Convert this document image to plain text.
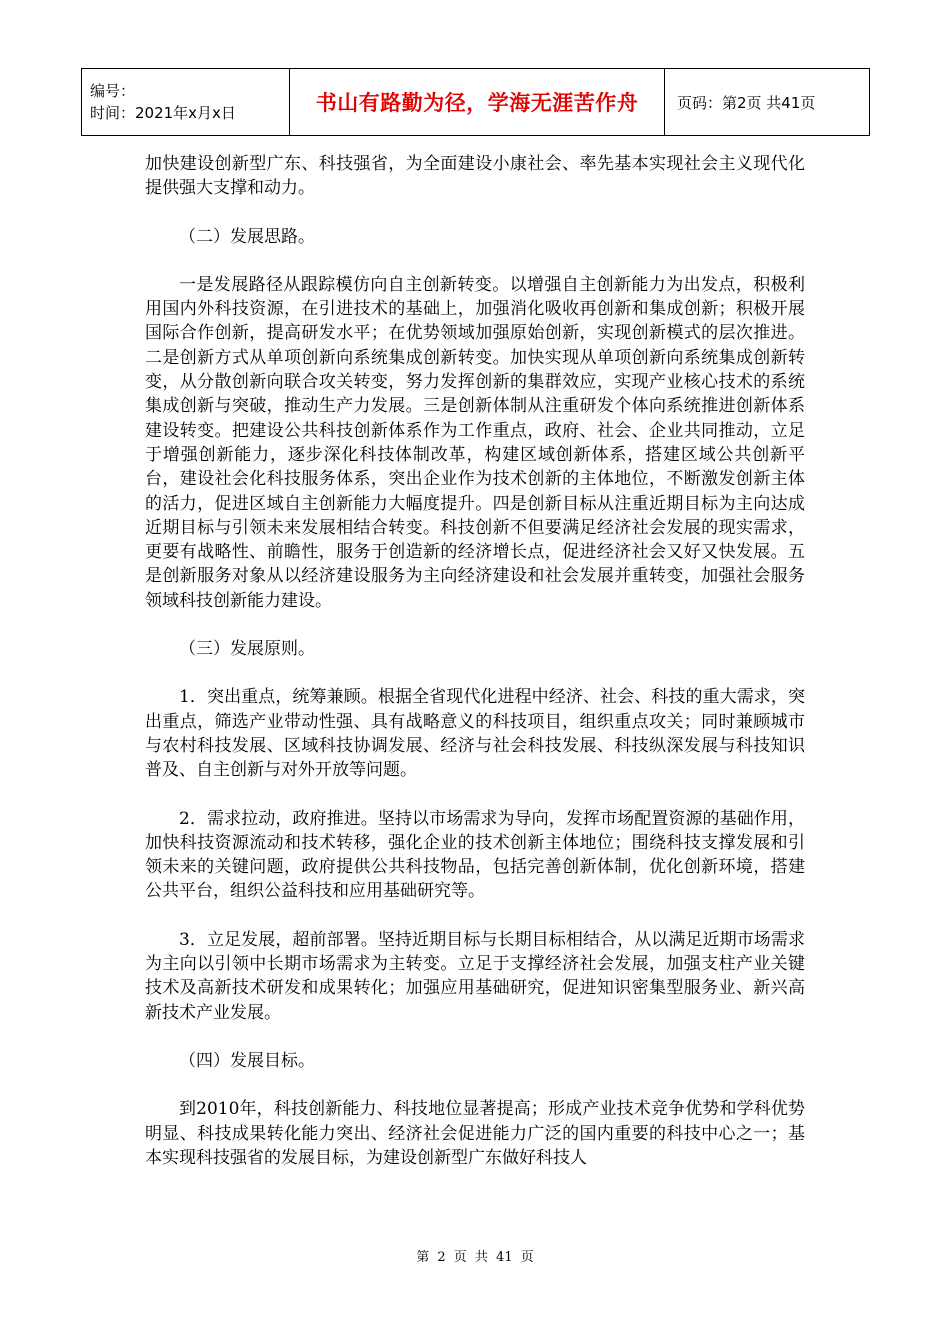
编号：
时间：2021年x月x日	书山有路勤为径，学海无涯苦作舟	页码：第2页 共41页

加快建设创新型广东、科技强省，为全面建设小康社会、率先基本实现社会主义现代化提供强大支撑和动力。

（二）发展思路。

一是发展路径从跟踪模仿向自主创新转变。以增强自主创新能力为出发点，积极利用国内外科技资源，在引进技术的基础上，加强消化吸收再创新和集成创新；积极开展国际合作创新，提高研发水平；在优势领域加强原始创新，实现创新模式的层次推进。二是创新方式从单项创新向系统集成创新转变。加快实现从单项创新向系统集成创新转变，从分散创新向联合攻关转变，努力发挥创新的集群效应，实现产业核心技术的系统集成创新与突破，推动生产力发展。三是创新体制从注重研发个体向系统推进创新体系建设转变。把建设公共科技创新体系作为工作重点，政府、社会、企业共同推动，立足于增强创新能力，逐步深化科技体制改革，构建区域创新体系，搭建区域公共创新平台，建设社会化科技服务体系，突出企业作为技术创新的主体地位，不断激发创新主体的活力，促进区域自主创新能力大幅度提升。四是创新目标从注重近期目标为主向达成近期目标与引领未来发展相结合转变。科技创新不但要满足经济社会发展的现实需求，更要有战略性、前瞻性，服务于创造新的经济增长点，促进经济社会又好又快发展。五是创新服务对象从以经济建设服务为主向经济建设和社会发展并重转变，加强社会服务领域科技创新能力建设。

（三）发展原则。

1．突出重点，统筹兼顾。根据全省现代化进程中经济、社会、科技的重大需求，突出重点，筛选产业带动性强、具有战略意义的科技项目，组织重点攻关；同时兼顾城市与农村科技发展、区域科技协调发展、经济与社会科技发展、科技纵深发展与科技知识普及、自主创新与对外开放等问题。

2．需求拉动，政府推进。坚持以市场需求为导向，发挥市场配置资源的基础作用，加快科技资源流动和技术转移，强化企业的技术创新主体地位；围绕科技支撑发展和引领未来的关键问题，政府提供公共科技物品，包括完善创新体制，优化创新环境，搭建公共平台，组织公益科技和应用基础研究等。

3．立足发展，超前部署。坚持近期目标与长期目标相结合，从以满足近期市场需求为主向以引领中长期市场需求为主转变。立足于支撑经济社会发展，加强支柱产业关键技术及高新技术研发和成果转化；加强应用基础研究，促进知识密集型服务业、新兴高新技术产业发展。

（四）发展目标。

到2010年，科技创新能力、科技地位显著提高；形成产业技术竞争优势和学科优势明显、科技成果转化能力突出、经济社会促进能力广泛的国内重要的科技中心之一；基本实现科技强省的发展目标，为建设创新型广东做好科技人

第 2 页 共 41 页
